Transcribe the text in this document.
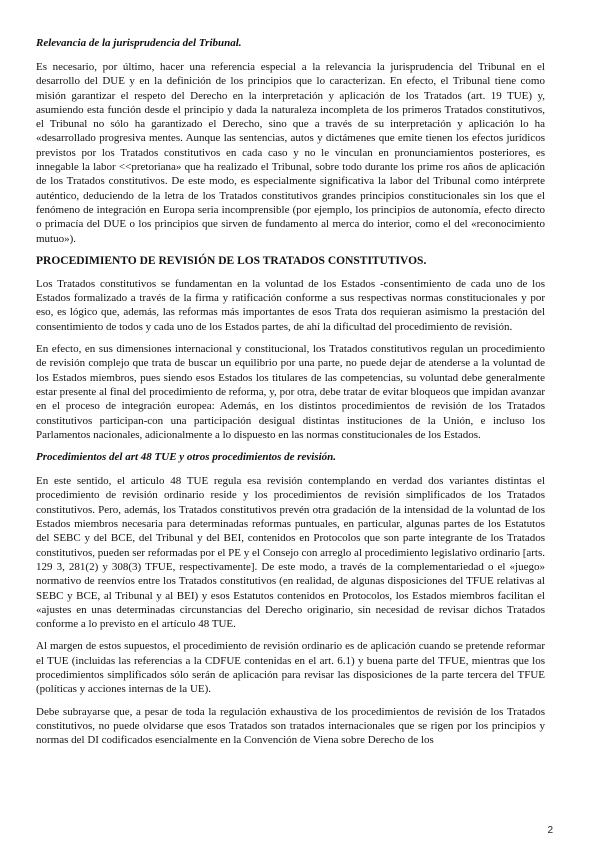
Relevancia de la jurisprudencia del Tribunal.

Es necesario, por último, hacer una referencia especial a la relevancia la jurisprudencia del Tribunal en el desarrollo del DUE y en la definición de los principios que lo caracterizan. En efecto, el Tribunal tiene como misión garantizar el respeto del Derecho en la interpretación y aplicación de los Tratados (art. 19 TUE) y, asumiendo esta función desde el principio y dada la naturaleza incompleta de los primeros Tratados constitutivos, el Tribunal no sólo ha garantizado el Derecho, sino que a través de su interpretación y aplicación lo ha «desarrollado progresiva mentes. Aunque las sentencias, autos y dictámenes que emite tienen los efectos jurídicos previstos por los Tratados constitutivos en cada caso y no le vinculan en pronunciamientos posteriores, es innegable la labor <<pretoriana» que ha realizado el Tribunal, sobre todo durante los prime ros años de aplicación de los Tratados constitutivos. De este modo, es especialmente significativa la labor del Tribunal como intérprete auténtico, deduciendo de la letra de los Tratados constitutivos grandes principios constitucionales sin los que el fenómeno de integración en Europa seria incomprensible (por ejemplo, los principios de autonomía, efecto directo o primacía del DUE o los principios que sirven de fundamento al merca do interior, como el del «reconocimiento mutuo»).

PROCEDIMIENTO DE REVISIÓN DE LOS TRATADOS CONSTITUTIVOS.

Los Tratados constitutivos se fundamentan en la voluntad de los Estados -consentimiento de cada uno de los Estados formalizado a través de la firma y ratificación conforme a sus respectivas normas constitucionales y por eso, es lógico que, además, las reformas más importantes de esos Trata dos requieran asimismo la prestación del consentimiento de todos y cada uno de los Estados partes, de ahí la dificultad del procedimiento de revisión.

En efecto, en sus dimensiones internacional y constitucional, los Tratados constitutivos regulan un procedimiento de revisión complejo que trata de buscar un equilibrio por una parte, no puede dejar de atenderse a la voluntad de los Estados miembros, pues siendo esos Estados los titulares de las competencias, su voluntad debe generalmente estar presente al final del procedimiento de reforma, y, por otra, debe tratar de evitar bloqueos que impidan avanzar en el proceso de integración europea: Además, en los distintos procedimientos de revisión de los Tratados constitutivos participan-con una participación desigual distintas instituciones de la Unión, e incluso los Parlamentos nacionales, adicionalmente a lo dispuesto en las normas constitucionales de los Estados.

Procedimientos del art 48 TUE y otros procedimientos de revisión.

En este sentido, el articulo 48 TUE regula esa revisión contemplando en verdad dos variantes distintas el procedimiento de revisión ordinario reside y los procedimientos de revisión simplificados de los Tratados constitutivos. Pero, además, los Tratados constitutivos prevén otra gradación de la intensidad de la voluntad de los Estados miembros necesaria para determinadas reformas puntuales, en particular, algunas partes de los Estatutos del SEBC y del BCE, del Tribunal y del BEI, contenidos en Protocolos que son parte integrante de los Tratados constitutivos, pueden ser reformadas por el PE y el Consejo con arreglo al procedimiento legislativo ordinario [arts. 129 3, 281(2) y 308(3) TFUE, respectivamente]. De este modo, a través de la complementariedad o el «juego» normativo de reenvíos entre los Tratados constitutivos (en realidad, de algunas disposiciones del TFUE relativas al SEBC y BCE, al Tribunal y al BEI) y esos Estatutos contenidos en Protocolos, los Estados miembros facilitan el «ajustes en unas determinadas circunstancias del Derecho originario, sin necesidad de revisar dichos Tratados conforme a lo previsto en el artículo 48 TUE.

Al margen de estos supuestos, el procedimiento de revisión ordinario es de aplicación cuando se pretende reformar el TUE (incluidas las referencias a la CDFUE contenidas en el art. 6.1) y buena parte del TFUE, mientras que los procedimientos simplificados sólo serán de aplicación para revisar las disposiciones de la parte tercera del TFUE (políticas y acciones internas de la UE).

Debe subrayarse que, a pesar de toda la regulación exhaustiva de los procedimientos de revisión de los Tratados constitutivos, no puede olvidarse que esos Tratados son tratados internacionales que se rigen por los principios y normas del DI codificados esencialmente en la Convención de Viena sobre Derecho de los

2
